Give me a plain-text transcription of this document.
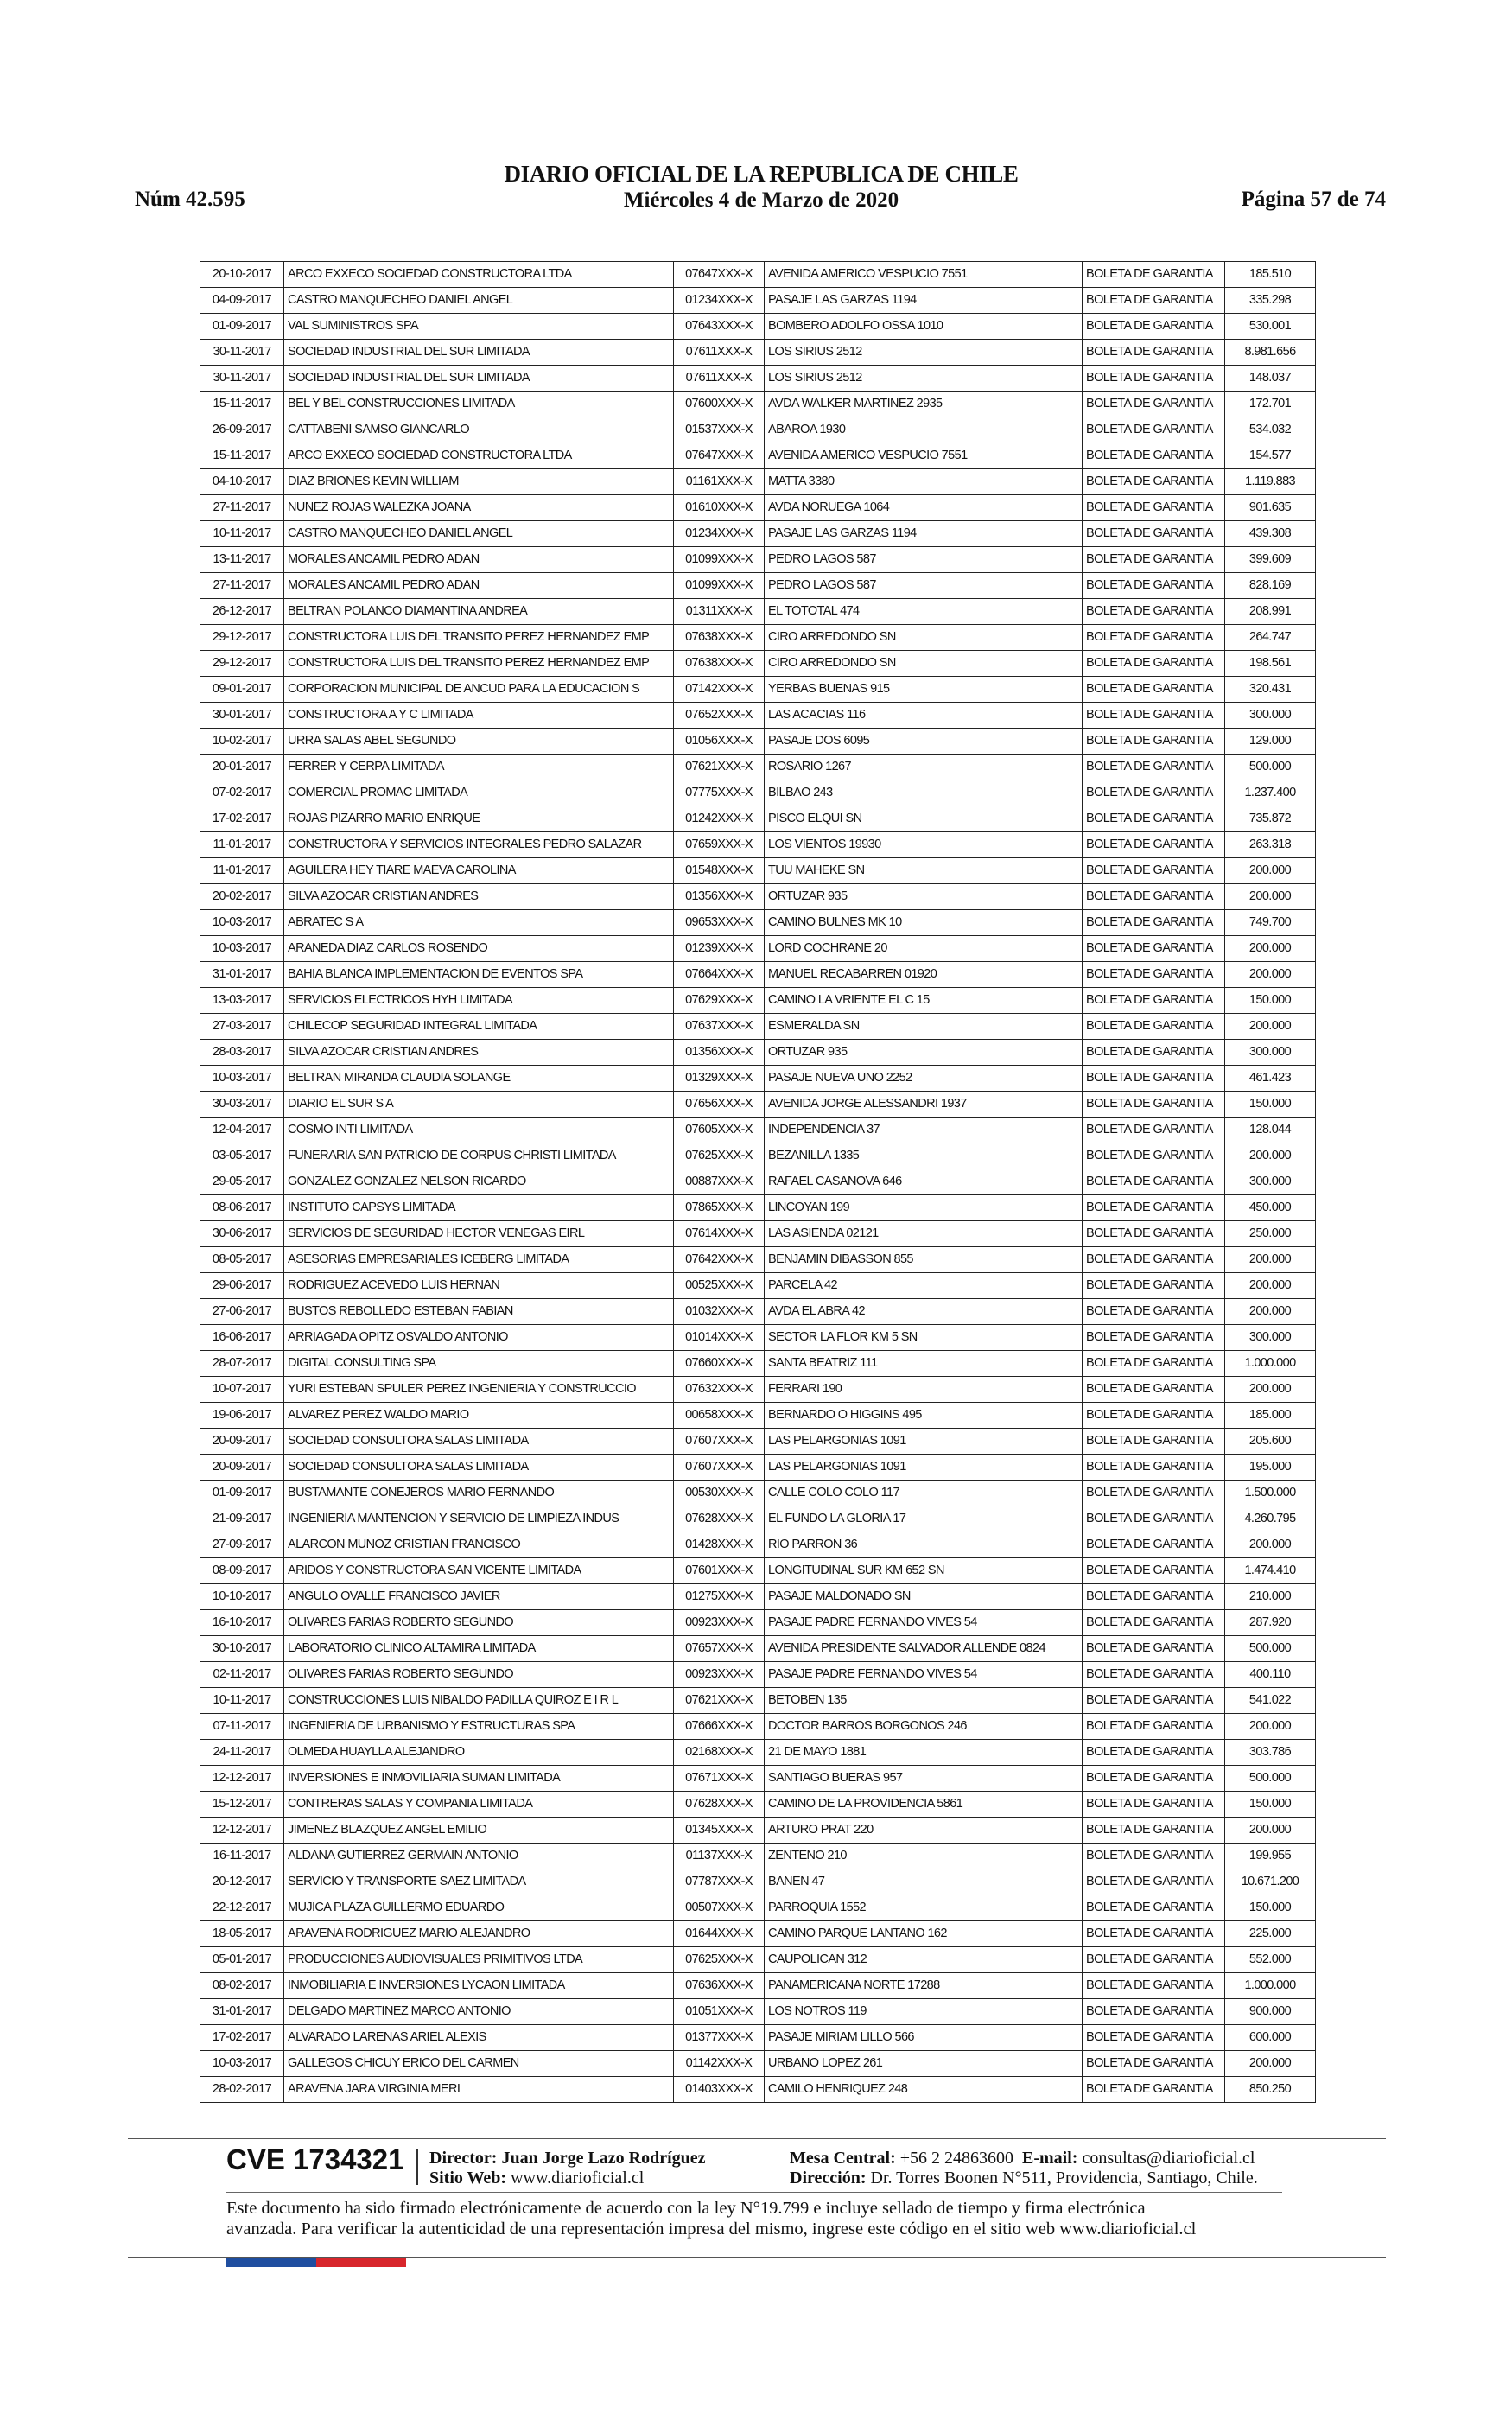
Núm 42.595
DIARIO OFICIAL DE LA REPUBLICA DE CHILE
Miércoles 4 de Marzo de 2020	Página 57 de 74
20-10-2017	ARCO EXXECO SOCIEDAD CONSTRUCTORA LTDA	07647XXX-X	AVENIDA AMERICO VESPUCIO 7551	BOLETA DE GARANTIA	185.510
04-09-2017	CASTRO MANQUECHEO DANIEL ANGEL	01234XXX-X	PASAJE LAS GARZAS 1194	BOLETA DE GARANTIA	335.298
01-09-2017	VAL SUMINISTROS SPA	07643XXX-X	BOMBERO ADOLFO OSSA 1010	BOLETA DE GARANTIA	530.001
30-11-2017	SOCIEDAD INDUSTRIAL DEL SUR LIMITADA	07611XXX-X	LOS SIRIUS 2512	BOLETA DE GARANTIA	8.981.656
30-11-2017	SOCIEDAD INDUSTRIAL DEL SUR LIMITADA	07611XXX-X	LOS SIRIUS 2512	BOLETA DE GARANTIA	148.037
15-11-2017	BEL Y BEL CONSTRUCCIONES LIMITADA	07600XXX-X	AVDA WALKER MARTINEZ 2935	BOLETA DE GARANTIA	172.701
26-09-2017	CATTABENI SAMSO GIANCARLO	01537XXX-X	ABAROA 1930	BOLETA DE GARANTIA	534.032
15-11-2017	ARCO EXXECO SOCIEDAD CONSTRUCTORA LTDA	07647XXX-X	AVENIDA AMERICO VESPUCIO 7551	BOLETA DE GARANTIA	154.577
04-10-2017	DIAZ BRIONES KEVIN WILLIAM	01161XXX-X	MATTA 3380	BOLETA DE GARANTIA	1.119.883
27-11-2017	NUNEZ ROJAS WALEZKA JOANA	01610XXX-X	AVDA NORUEGA 1064	BOLETA DE GARANTIA	901.635
10-11-2017	CASTRO MANQUECHEO DANIEL ANGEL	01234XXX-X	PASAJE LAS GARZAS 1194	BOLETA DE GARANTIA	439.308
13-11-2017	MORALES ANCAMIL PEDRO ADAN	01099XXX-X	PEDRO LAGOS 587	BOLETA DE GARANTIA	399.609
27-11-2017	MORALES ANCAMIL PEDRO ADAN	01099XXX-X	PEDRO LAGOS 587	BOLETA DE GARANTIA	828.169
26-12-2017	BELTRAN POLANCO DIAMANTINA ANDREA	01311XXX-X	EL TOTOTAL 474	BOLETA DE GARANTIA	208.991
29-12-2017	CONSTRUCTORA LUIS DEL TRANSITO PEREZ HERNANDEZ EMP	07638XXX-X	CIRO ARREDONDO SN	BOLETA DE GARANTIA	264.747
29-12-2017	CONSTRUCTORA LUIS DEL TRANSITO PEREZ HERNANDEZ EMP	07638XXX-X	CIRO ARREDONDO SN	BOLETA DE GARANTIA	198.561
09-01-2017	CORPORACION MUNICIPAL DE ANCUD PARA LA EDUCACION S	07142XXX-X	YERBAS BUENAS 915	BOLETA DE GARANTIA	320.431
30-01-2017	CONSTRUCTORA A Y C LIMITADA	07652XXX-X	LAS ACACIAS 116	BOLETA DE GARANTIA	300.000
10-02-2017	URRA SALAS ABEL SEGUNDO	01056XXX-X	PASAJE DOS 6095	BOLETA DE GARANTIA	129.000
20-01-2017	FERRER Y CERPA LIMITADA	07621XXX-X	ROSARIO 1267	BOLETA DE GARANTIA	500.000
07-02-2017	COMERCIAL PROMAC LIMITADA	07775XXX-X	BILBAO 243	BOLETA DE GARANTIA	1.237.400
17-02-2017	ROJAS PIZARRO MARIO ENRIQUE	01242XXX-X	PISCO ELQUI SN	BOLETA DE GARANTIA	735.872
11-01-2017	CONSTRUCTORA Y SERVICIOS INTEGRALES PEDRO SALAZAR	07659XXX-X	LOS VIENTOS 19930	BOLETA DE GARANTIA	263.318
11-01-2017	AGUILERA HEY TIARE MAEVA CAROLINA	01548XXX-X	TUU MAHEKE SN	BOLETA DE GARANTIA	200.000
20-02-2017	SILVA AZOCAR CRISTIAN ANDRES	01356XXX-X	ORTUZAR 935	BOLETA DE GARANTIA	200.000
10-03-2017	ABRATEC S A	09653XXX-X	CAMINO BULNES MK 10	BOLETA DE GARANTIA	749.700
10-03-2017	ARANEDA DIAZ CARLOS ROSENDO	01239XXX-X	LORD COCHRANE 20	BOLETA DE GARANTIA	200.000
31-01-2017	BAHIA BLANCA IMPLEMENTACION DE EVENTOS SPA	07664XXX-X	MANUEL RECABARREN 01920	BOLETA DE GARANTIA	200.000
13-03-2017	SERVICIOS ELECTRICOS HYH LIMITADA	07629XXX-X	CAMINO LA VRIENTE EL C 15	BOLETA DE GARANTIA	150.000
27-03-2017	CHILECOP SEGURIDAD INTEGRAL LIMITADA	07637XXX-X	ESMERALDA SN	BOLETA DE GARANTIA	200.000
28-03-2017	SILVA AZOCAR CRISTIAN ANDRES	01356XXX-X	ORTUZAR 935	BOLETA DE GARANTIA	300.000
10-03-2017	BELTRAN MIRANDA CLAUDIA SOLANGE	01329XXX-X	PASAJE NUEVA UNO 2252	BOLETA DE GARANTIA	461.423
30-03-2017	DIARIO EL SUR S A	07656XXX-X	AVENIDA JORGE ALESSANDRI 1937	BOLETA DE GARANTIA	150.000
12-04-2017	COSMO INTI LIMITADA	07605XXX-X	INDEPENDENCIA 37	BOLETA DE GARANTIA	128.044
03-05-2017	FUNERARIA SAN PATRICIO DE CORPUS CHRISTI LIMITADA	07625XXX-X	BEZANILLA 1335	BOLETA DE GARANTIA	200.000
29-05-2017	GONZALEZ GONZALEZ NELSON RICARDO	00887XXX-X	RAFAEL CASANOVA 646	BOLETA DE GARANTIA	300.000
08-06-2017	INSTITUTO CAPSYS LIMITADA	07865XXX-X	LINCOYAN 199	BOLETA DE GARANTIA	450.000
30-06-2017	SERVICIOS DE SEGURIDAD HECTOR VENEGAS EIRL	07614XXX-X	LAS ASIENDA 02121	BOLETA DE GARANTIA	250.000
08-05-2017	ASESORIAS EMPRESARIALES ICEBERG LIMITADA	07642XXX-X	BENJAMIN DIBASSON 855	BOLETA DE GARANTIA	200.000
29-06-2017	RODRIGUEZ ACEVEDO LUIS HERNAN	00525XXX-X	PARCELA 42	BOLETA DE GARANTIA	200.000
27-06-2017	BUSTOS REBOLLEDO ESTEBAN FABIAN	01032XXX-X	AVDA EL ABRA 42	BOLETA DE GARANTIA	200.000
16-06-2017	ARRIAGADA OPITZ OSVALDO ANTONIO	01014XXX-X	SECTOR LA FLOR KM 5 SN	BOLETA DE GARANTIA	300.000
28-07-2017	DIGITAL CONSULTING SPA	07660XXX-X	SANTA BEATRIZ 111	BOLETA DE GARANTIA	1.000.000
10-07-2017	YURI ESTEBAN SPULER PEREZ INGENIERIA Y CONSTRUCCIO	07632XXX-X	FERRARI 190	BOLETA DE GARANTIA	200.000
19-06-2017	ALVAREZ PEREZ WALDO MARIO	00658XXX-X	BERNARDO O HIGGINS 495	BOLETA DE GARANTIA	185.000
20-09-2017	SOCIEDAD CONSULTORA SALAS LIMITADA	07607XXX-X	LAS PELARGONIAS 1091	BOLETA DE GARANTIA	205.600
20-09-2017	SOCIEDAD CONSULTORA SALAS LIMITADA	07607XXX-X	LAS PELARGONIAS 1091	BOLETA DE GARANTIA	195.000
01-09-2017	BUSTAMANTE CONEJEROS MARIO FERNANDO	00530XXX-X	CALLE COLO COLO 117	BOLETA DE GARANTIA	1.500.000
21-09-2017	INGENIERIA MANTENCION Y SERVICIO DE LIMPIEZA INDUS	07628XXX-X	EL FUNDO LA GLORIA 17	BOLETA DE GARANTIA	4.260.795
27-09-2017	ALARCON MUNOZ CRISTIAN FRANCISCO	01428XXX-X	RIO PARRON 36	BOLETA DE GARANTIA	200.000
08-09-2017	ARIDOS Y CONSTRUCTORA SAN VICENTE LIMITADA	07601XXX-X	LONGITUDINAL SUR KM 652 SN	BOLETA DE GARANTIA	1.474.410
10-10-2017	ANGULO OVALLE FRANCISCO JAVIER	01275XXX-X	PASAJE MALDONADO SN	BOLETA DE GARANTIA	210.000
16-10-2017	OLIVARES FARIAS ROBERTO SEGUNDO	00923XXX-X	PASAJE PADRE FERNANDO VIVES 54	BOLETA DE GARANTIA	287.920
30-10-2017	LABORATORIO CLINICO ALTAMIRA LIMITADA	07657XXX-X	AVENIDA PRESIDENTE SALVADOR ALLENDE 0824	BOLETA DE GARANTIA	500.000
02-11-2017	OLIVARES FARIAS ROBERTO SEGUNDO	00923XXX-X	PASAJE PADRE FERNANDO VIVES 54	BOLETA DE GARANTIA	400.110
10-11-2017	CONSTRUCCIONES LUIS NIBALDO PADILLA QUIROZ E I R L	07621XXX-X	BETOBEN 135	BOLETA DE GARANTIA	541.022
07-11-2017	INGENIERIA DE URBANISMO Y ESTRUCTURAS SPA	07666XXX-X	DOCTOR BARROS BORGONOS 246	BOLETA DE GARANTIA	200.000
24-11-2017	OLMEDA HUAYLLA ALEJANDRO	02168XXX-X	21 DE MAYO 1881	BOLETA DE GARANTIA	303.786
12-12-2017	INVERSIONES E INMOVILIARIA SUMAN LIMITADA	07671XXX-X	SANTIAGO BUERAS 957	BOLETA DE GARANTIA	500.000
15-12-2017	CONTRERAS SALAS Y COMPANIA LIMITADA	07628XXX-X	CAMINO DE LA PROVIDENCIA 5861	BOLETA DE GARANTIA	150.000
12-12-2017	JIMENEZ BLAZQUEZ ANGEL EMILIO	01345XXX-X	ARTURO PRAT 220	BOLETA DE GARANTIA	200.000
16-11-2017	ALDANA GUTIERREZ GERMAIN ANTONIO	01137XXX-X	ZENTENO 210	BOLETA DE GARANTIA	199.955
20-12-2017	SERVICIO Y TRANSPORTE SAEZ LIMITADA	07787XXX-X	BANEN 47	BOLETA DE GARANTIA	10.671.200
22-12-2017	MUJICA PLAZA GUILLERMO EDUARDO	00507XXX-X	PARROQUIA 1552	BOLETA DE GARANTIA	150.000
18-05-2017	ARAVENA RODRIGUEZ MARIO ALEJANDRO	01644XXX-X	CAMINO PARQUE LANTANO 162	BOLETA DE GARANTIA	225.000
05-01-2017	PRODUCCIONES AUDIOVISUALES PRIMITIVOS LTDA	07625XXX-X	CAUPOLICAN 312	BOLETA DE GARANTIA	552.000
08-02-2017	INMOBILIARIA E INVERSIONES LYCAON LIMITADA	07636XXX-X	PANAMERICANA NORTE 17288	BOLETA DE GARANTIA	1.000.000
31-01-2017	DELGADO MARTINEZ MARCO ANTONIO	01051XXX-X	LOS NOTROS 119	BOLETA DE GARANTIA	900.000
17-02-2017	ALVARADO LARENAS ARIEL ALEXIS	01377XXX-X	PASAJE MIRIAM LILLO 566	BOLETA DE GARANTIA	600.000
10-03-2017	GALLEGOS CHICUY ERICO DEL CARMEN	01142XXX-X	URBANO LOPEZ 261	BOLETA DE GARANTIA	200.000
28-02-2017	ARAVENA JARA VIRGINIA MERI	01403XXX-X	CAMILO HENRIQUEZ 248	BOLETA DE GARANTIA	850.250
CVE 1734321 Director: Juan Jorge Lazo Rodríguez
Sitio Web: www.diarioficial.cl
Mesa Central: +56 2 24863600 E-mail: consultas@diarioficial.cl
Dirección: Dr. Torres Boonen N°511, Providencia, Santiago, Chile.
Este documento ha sido firmado electrónicamente de acuerdo con la ley N°19.799 e incluye sellado de tiempo y firma electrónica
avanzada. Para verificar la autenticidad de una representación impresa del mismo, ingrese este código en el sitio web www.diarioficial.cl
